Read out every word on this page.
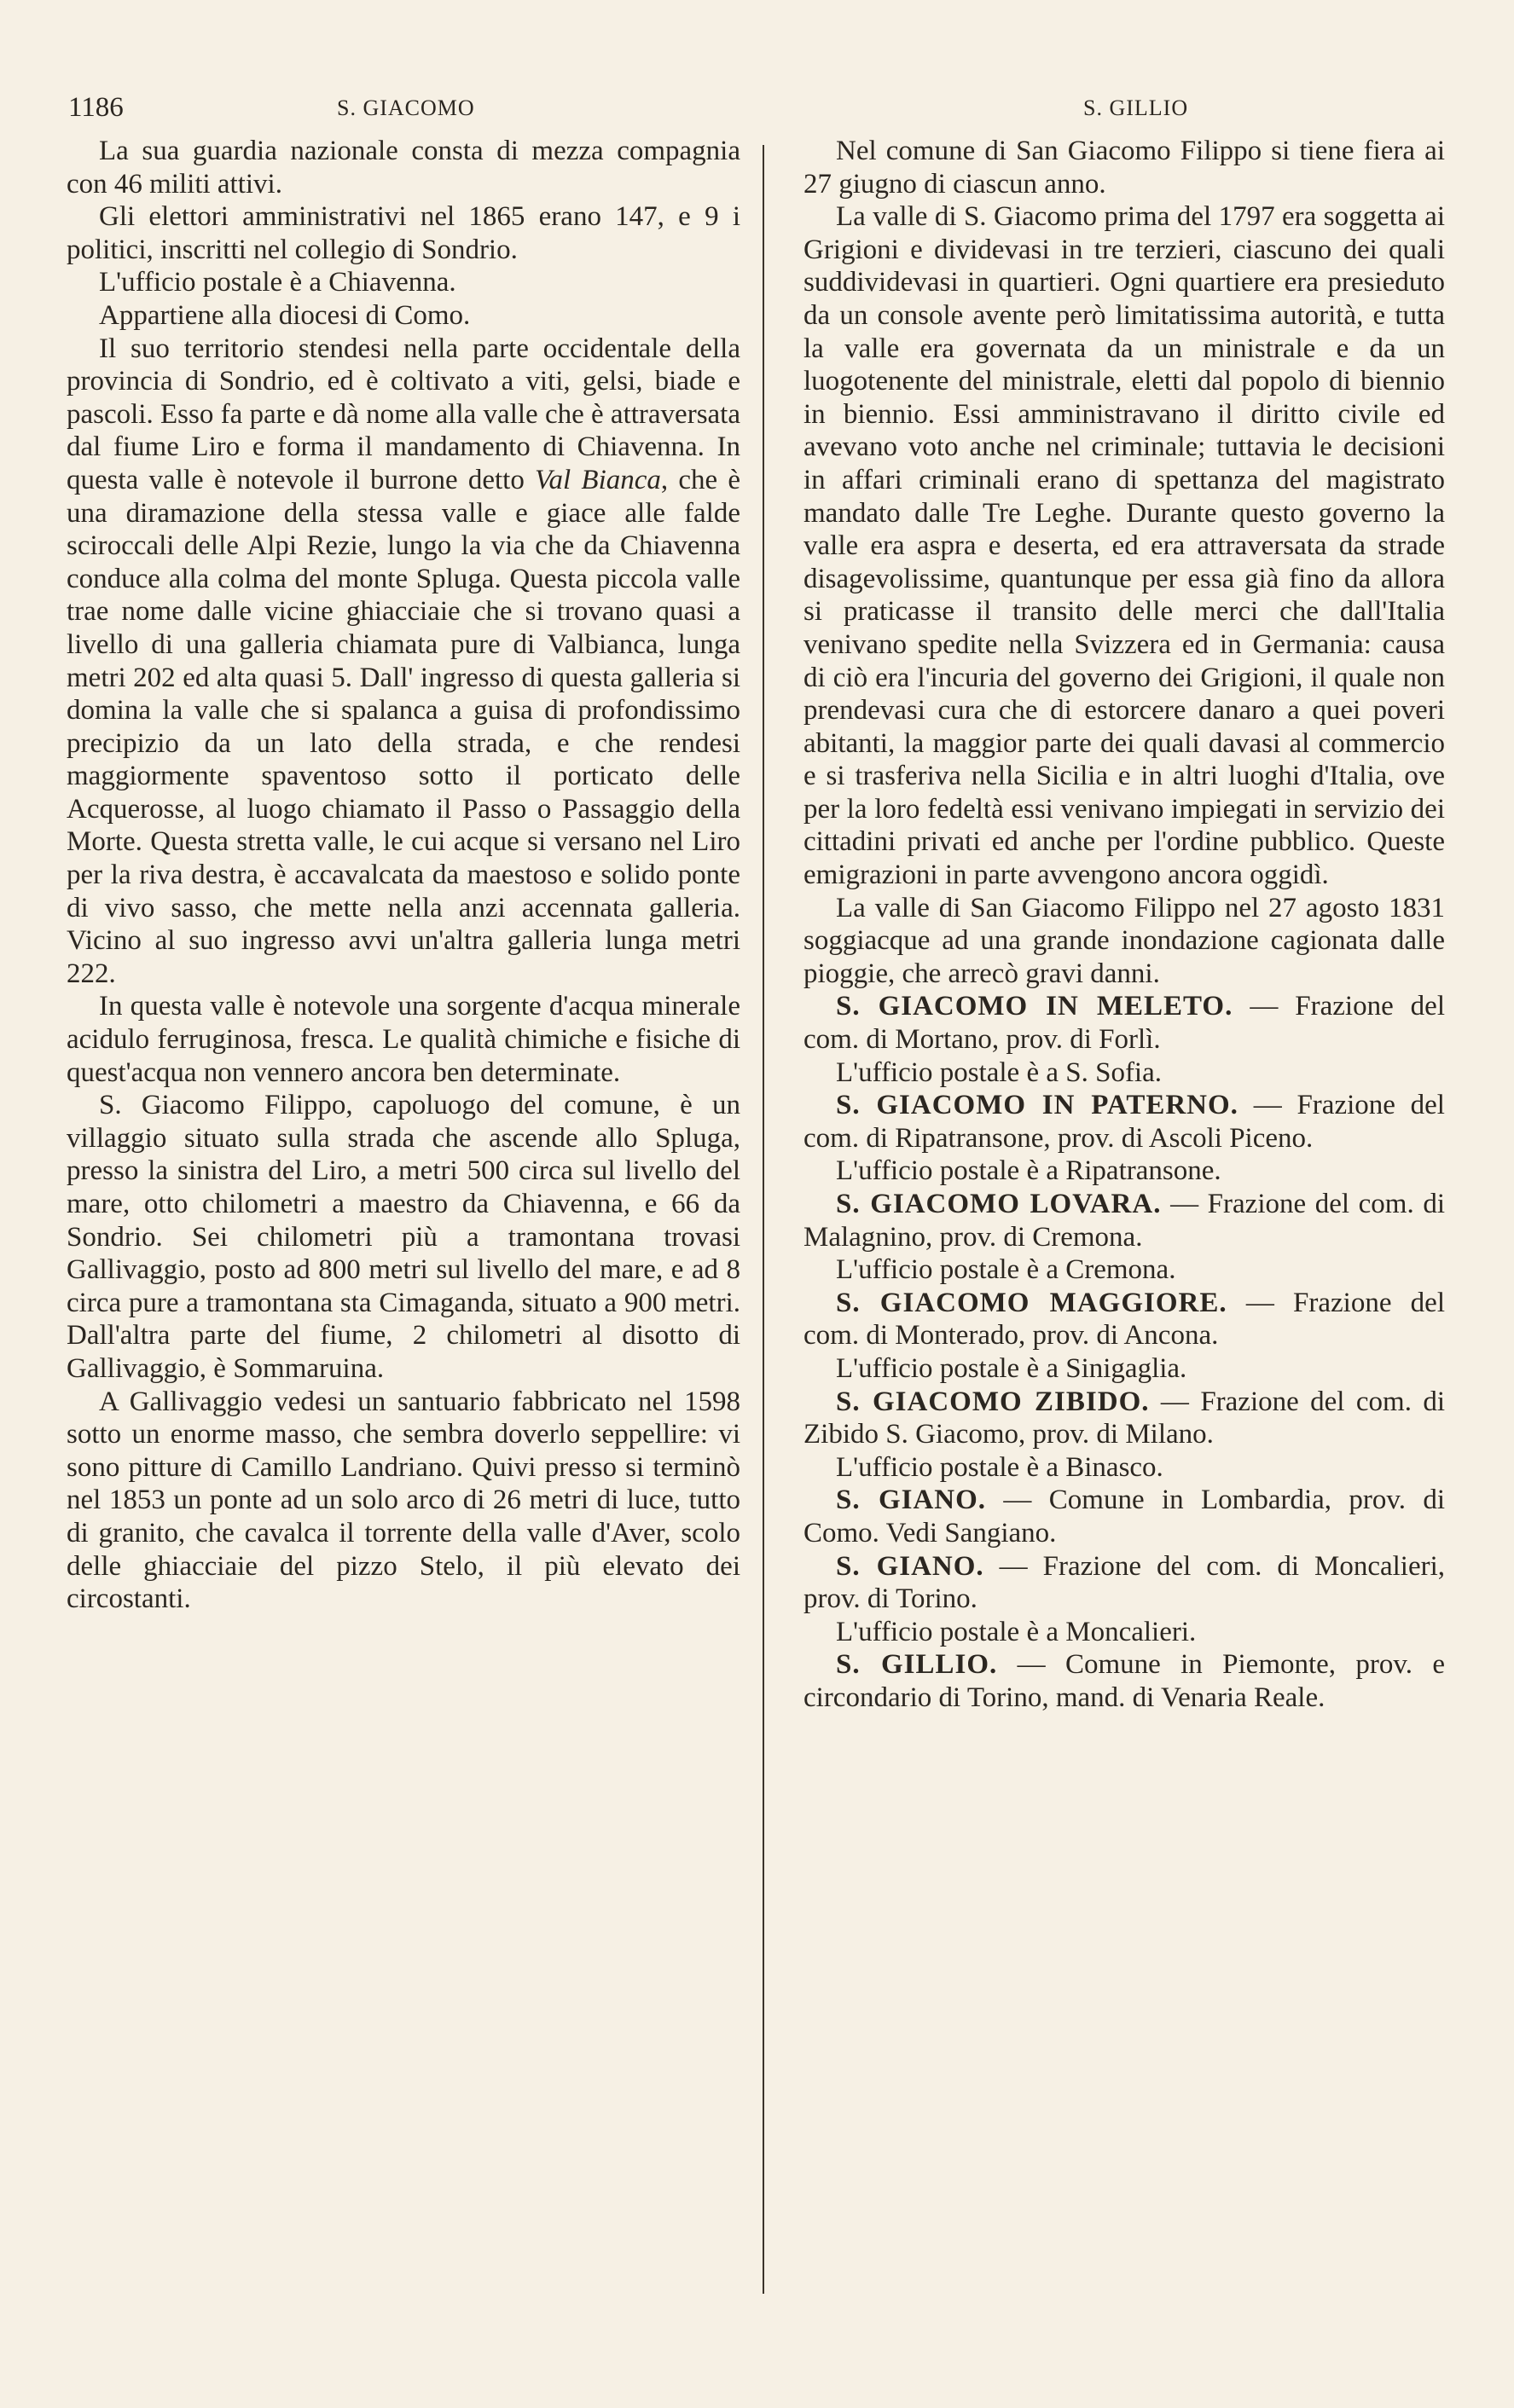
1186	S. GIACOMO	S. GILLIO

La sua guardia nazionale consta di mezza compagnia con 46 militi attivi.

Gli elettori amministrativi nel 1865 erano 147, e 9 i politici, inscritti nel collegio di Sondrio.

L'ufficio postale è a Chiavenna.

Appartiene alla diocesi di Como.

Il suo territorio stendesi nella parte occidentale della provincia di Sondrio, ed è coltivato a viti, gelsi, biade e pascoli. Esso fa parte e dà nome alla valle che è attraversata dal fiume Liro e forma il mandamento di Chiavenna. In questa valle è notevole il burrone detto Val Bianca, che è una diramazione della stessa valle e giace alle falde sciroccali delle Alpi Rezie, lungo la via che da Chiavenna conduce alla colma del monte Spluga. Questa piccola valle trae nome dalle vicine ghiacciaie che si trovano quasi a livello di una galleria chiamata pure di Valbianca, lunga metri 202 ed alta quasi 5. Dall' ingresso di questa galleria si domina la valle che si spalanca a guisa di profondissimo precipizio da un lato della strada, e che rendesi maggiormente spaventoso sotto il porticato delle Acquerosse, al luogo chiamato il Passo o Passaggio della Morte. Questa stretta valle, le cui acque si versano nel Liro per la riva destra, è accavalcata da maestoso e solido ponte di vivo sasso, che mette nella anzi accennata galleria. Vicino al suo ingresso avvi un'altra galleria lunga metri 222.

In questa valle è notevole una sorgente d'acqua minerale acidulo ferruginosa, fresca. Le qualità chimiche e fisiche di quest'acqua non vennero ancora ben determinate.

S. Giacomo Filippo, capoluogo del comune, è un villaggio situato sulla strada che ascende allo Spluga, presso la sinistra del Liro, a metri 500 circa sul livello del mare, otto chilometri a maestro da Chiavenna, e 66 da Sondrio. Sei chilometri più a tramontana trovasi Gallivaggio, posto ad 800 metri sul livello del mare, e ad 8 circa pure a tramontana sta Cimaganda, situato a 900 metri. Dall'altra parte del fiume, 2 chilometri al disotto di Gallivaggio, è Sommaruina.

A Gallivaggio vedesi un santuario fabbricato nel 1598 sotto un enorme masso, che sembra doverlo seppellire: vi sono pitture di Camillo Landriano. Quivi presso si terminò nel 1853 un ponte ad un solo arco di 26 metri di luce, tutto di granito, che cavalca il torrente della valle d'Aver, scolo delle ghiacciaie del pizzo Stelo, il più elevato dei circostanti.

Nel comune di San Giacomo Filippo si tiene fiera ai 27 giugno di ciascun anno.

La valle di S. Giacomo prima del 1797 era soggetta ai Grigioni e dividevasi in tre terzieri, ciascuno dei quali suddividevasi in quartieri. Ogni quartiere era presieduto da un console avente però limitatissima autorità, e tutta la valle era governata da un ministrale e da un luogotenente del ministrale, eletti dal popolo di biennio in biennio. Essi amministravano il diritto civile ed avevano voto anche nel criminale; tuttavia le decisioni in affari criminali erano di spettanza del magistrato mandato dalle Tre Leghe. Durante questo governo la valle era aspra e deserta, ed era attraversata da strade disagevolissime, quantunque per essa già fino da allora si praticasse il transito delle merci che dall'Italia venivano spedite nella Svizzera ed in Germania: causa di ciò era l'incuria del governo dei Grigioni, il quale non prendevasi cura che di estorcere danaro a quei poveri abitanti, la maggior parte dei quali davasi al commercio e si trasferiva nella Sicilia e in altri luoghi d'Italia, ove per la loro fedeltà essi venivano impiegati in servizio dei cittadini privati ed anche per l'ordine pubblico. Queste emigrazioni in parte avvengono ancora oggidì.

La valle di San Giacomo Filippo nel 27 agosto 1831 soggiacque ad una grande inondazione cagionata dalle pioggie, che arrecò gravi danni.

S. GIACOMO IN MELETO. — Frazione del com. di Mortano, prov. di Forlì.

L'ufficio postale è a S. Sofia.

S. GIACOMO IN PATERNO. — Frazione del com. di Ripatransone, prov. di Ascoli Piceno.

L'ufficio postale è a Ripatransone.

S. GIACOMO LOVARA. — Frazione del com. di Malagnino, prov. di Cremona.

L'ufficio postale è a Cremona.

S. GIACOMO MAGGIORE. — Frazione del com. di Monterado, prov. di Ancona.

L'ufficio postale è a Sinigaglia.

S. GIACOMO ZIBIDO. — Frazione del com. di Zibido S. Giacomo, prov. di Milano.

L'ufficio postale è a Binasco.

S. GIANO. — Comune in Lombardia, prov. di Como. Vedi Sangiano.

S. GIANO. — Frazione del com. di Moncalieri, prov. di Torino.

L'ufficio postale è a Moncalieri.

S. GILLIO. — Comune in Piemonte, prov. e circondario di Torino, mand. di Venaria Reale.
